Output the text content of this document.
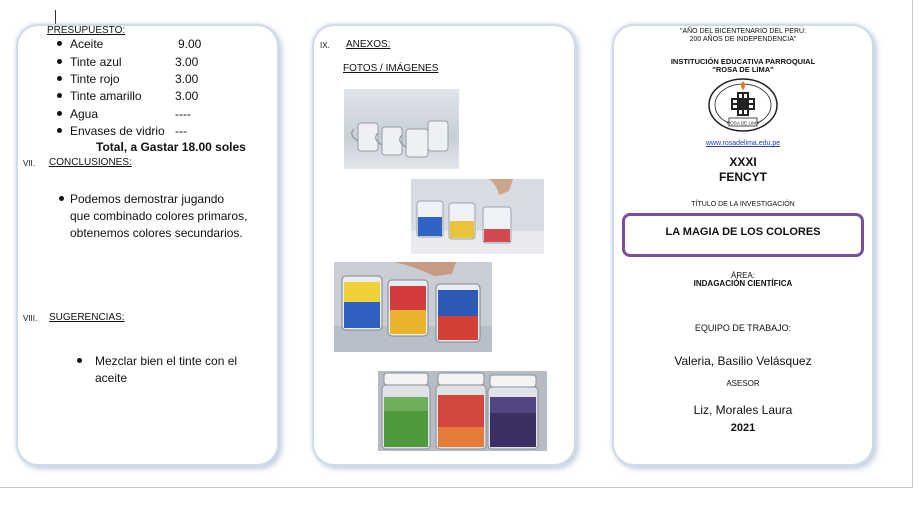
PRESUPUESTO:
Aceite	9.00
Tinte azul	3.00
Tinte rojo	3.00
Tinte amarillo	3.00
Agua	----
Envases de vidrio ---
Total, a Gastar 18.00 soles
VII. CONCLUSIONES:
Podemos demostrar jugando
que combinado colores primaros,
obtenemos colores secundarios.
VIII. SUGERENCIAS:
Mezclar bien el tinte con el
aceite
IX. ANEXOS:
FOTOS / IMÁGENES
"AÑO DEL BICENTENARIO DEL PERÚ:
200 AÑOS DE INDEPENDENCIA"
INSTITUCIÓN EDUCATIVA PARROQUIAL
"ROSA DE LIMA"
ROSA DE LIMA
www.rosadelima.edu.pe
XXXI
FENCYT
TÍTULO DE LA INVESTIGACIÓN
LA MAGIA DE LOS COLORES
ÁREA:
INDAGACIÓN CIENTÍFICA
EQUIPO DE TRABAJO:
Valeria, Basilio Velásquez
ASESOR
Liz, Morales Laura
2021
